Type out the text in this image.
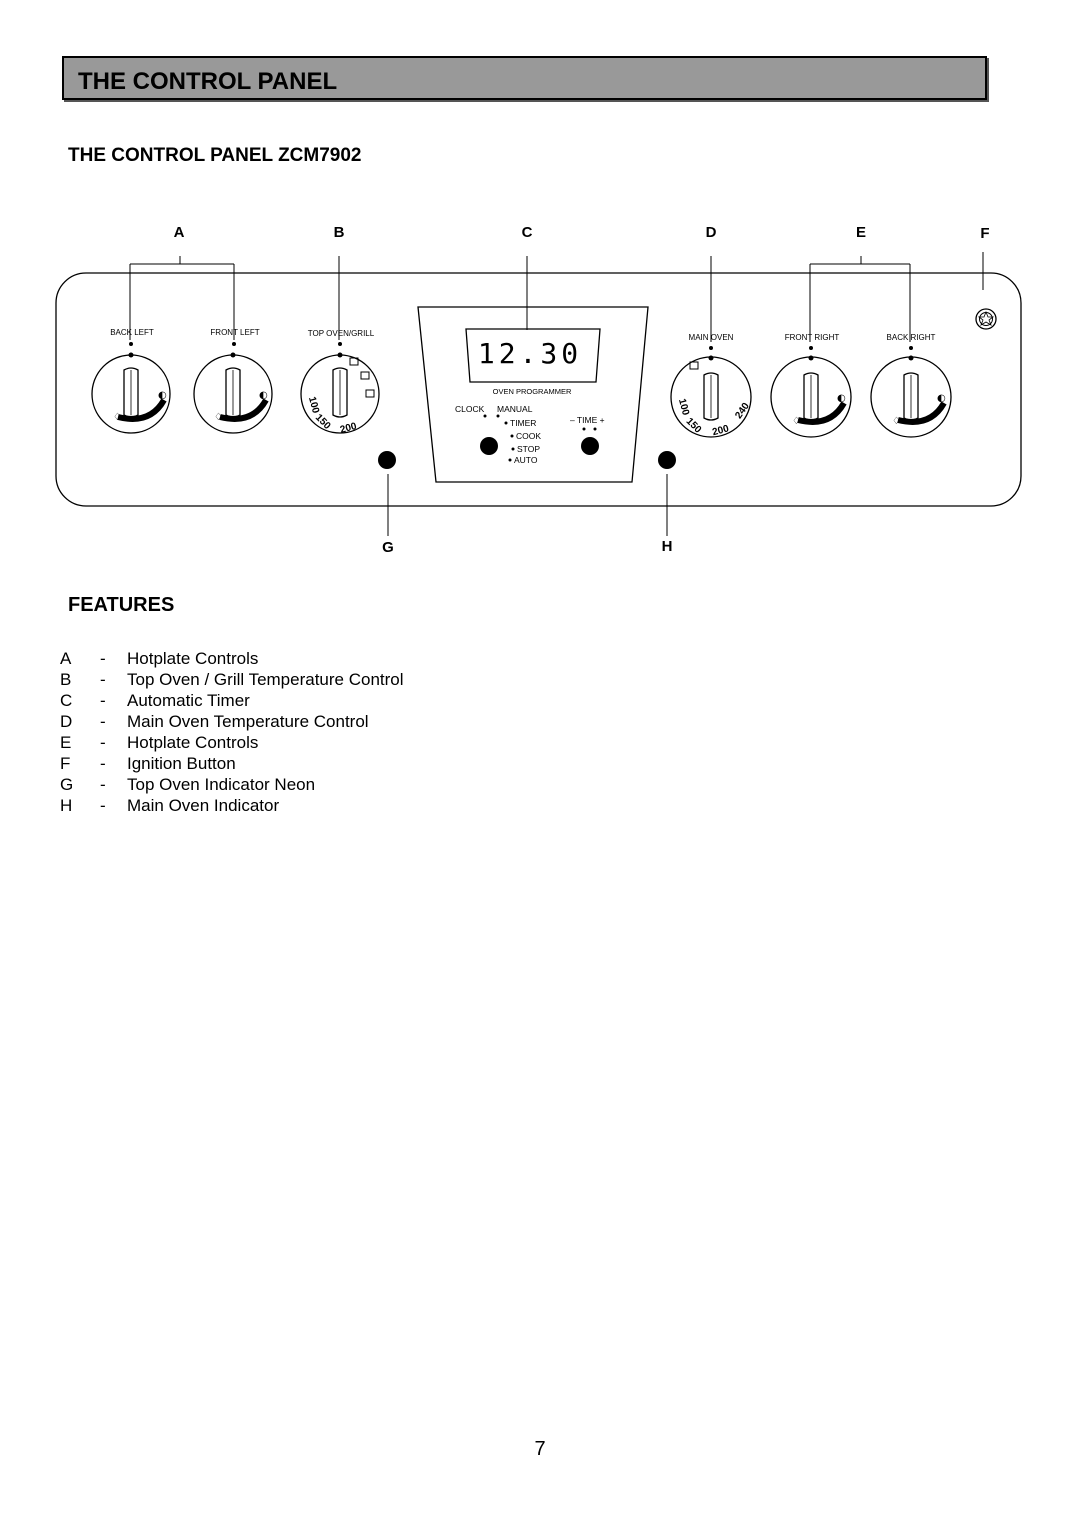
THE CONTROL PANEL
THE CONTROL PANEL ZCM7902
A	B	C	D	E	F
G	H
BACK LEFT	FRONT LEFT	TOP OVEN/GRILL	MAIN OVEN	FRONT RIGHT	BACK RIGHT
♢
◐
♢
◐
100
150 200
12.30
OVEN PROGRAMMER
CLOCK MANUAL
TIMER
COOK
STOP
AUTO
– TIME +
100
150 200
240
♢
◐
♢
◐
FEATURES
A	-	Hotplate Controls
B	-	Top Oven / Grill Temperature Control
C	-	Automatic Timer
D	-	Main Oven Temperature Control
E	-	Hotplate Controls
F	-	Ignition Button
G	-	Top Oven Indicator Neon
H	-	Main Oven Indicator
7
